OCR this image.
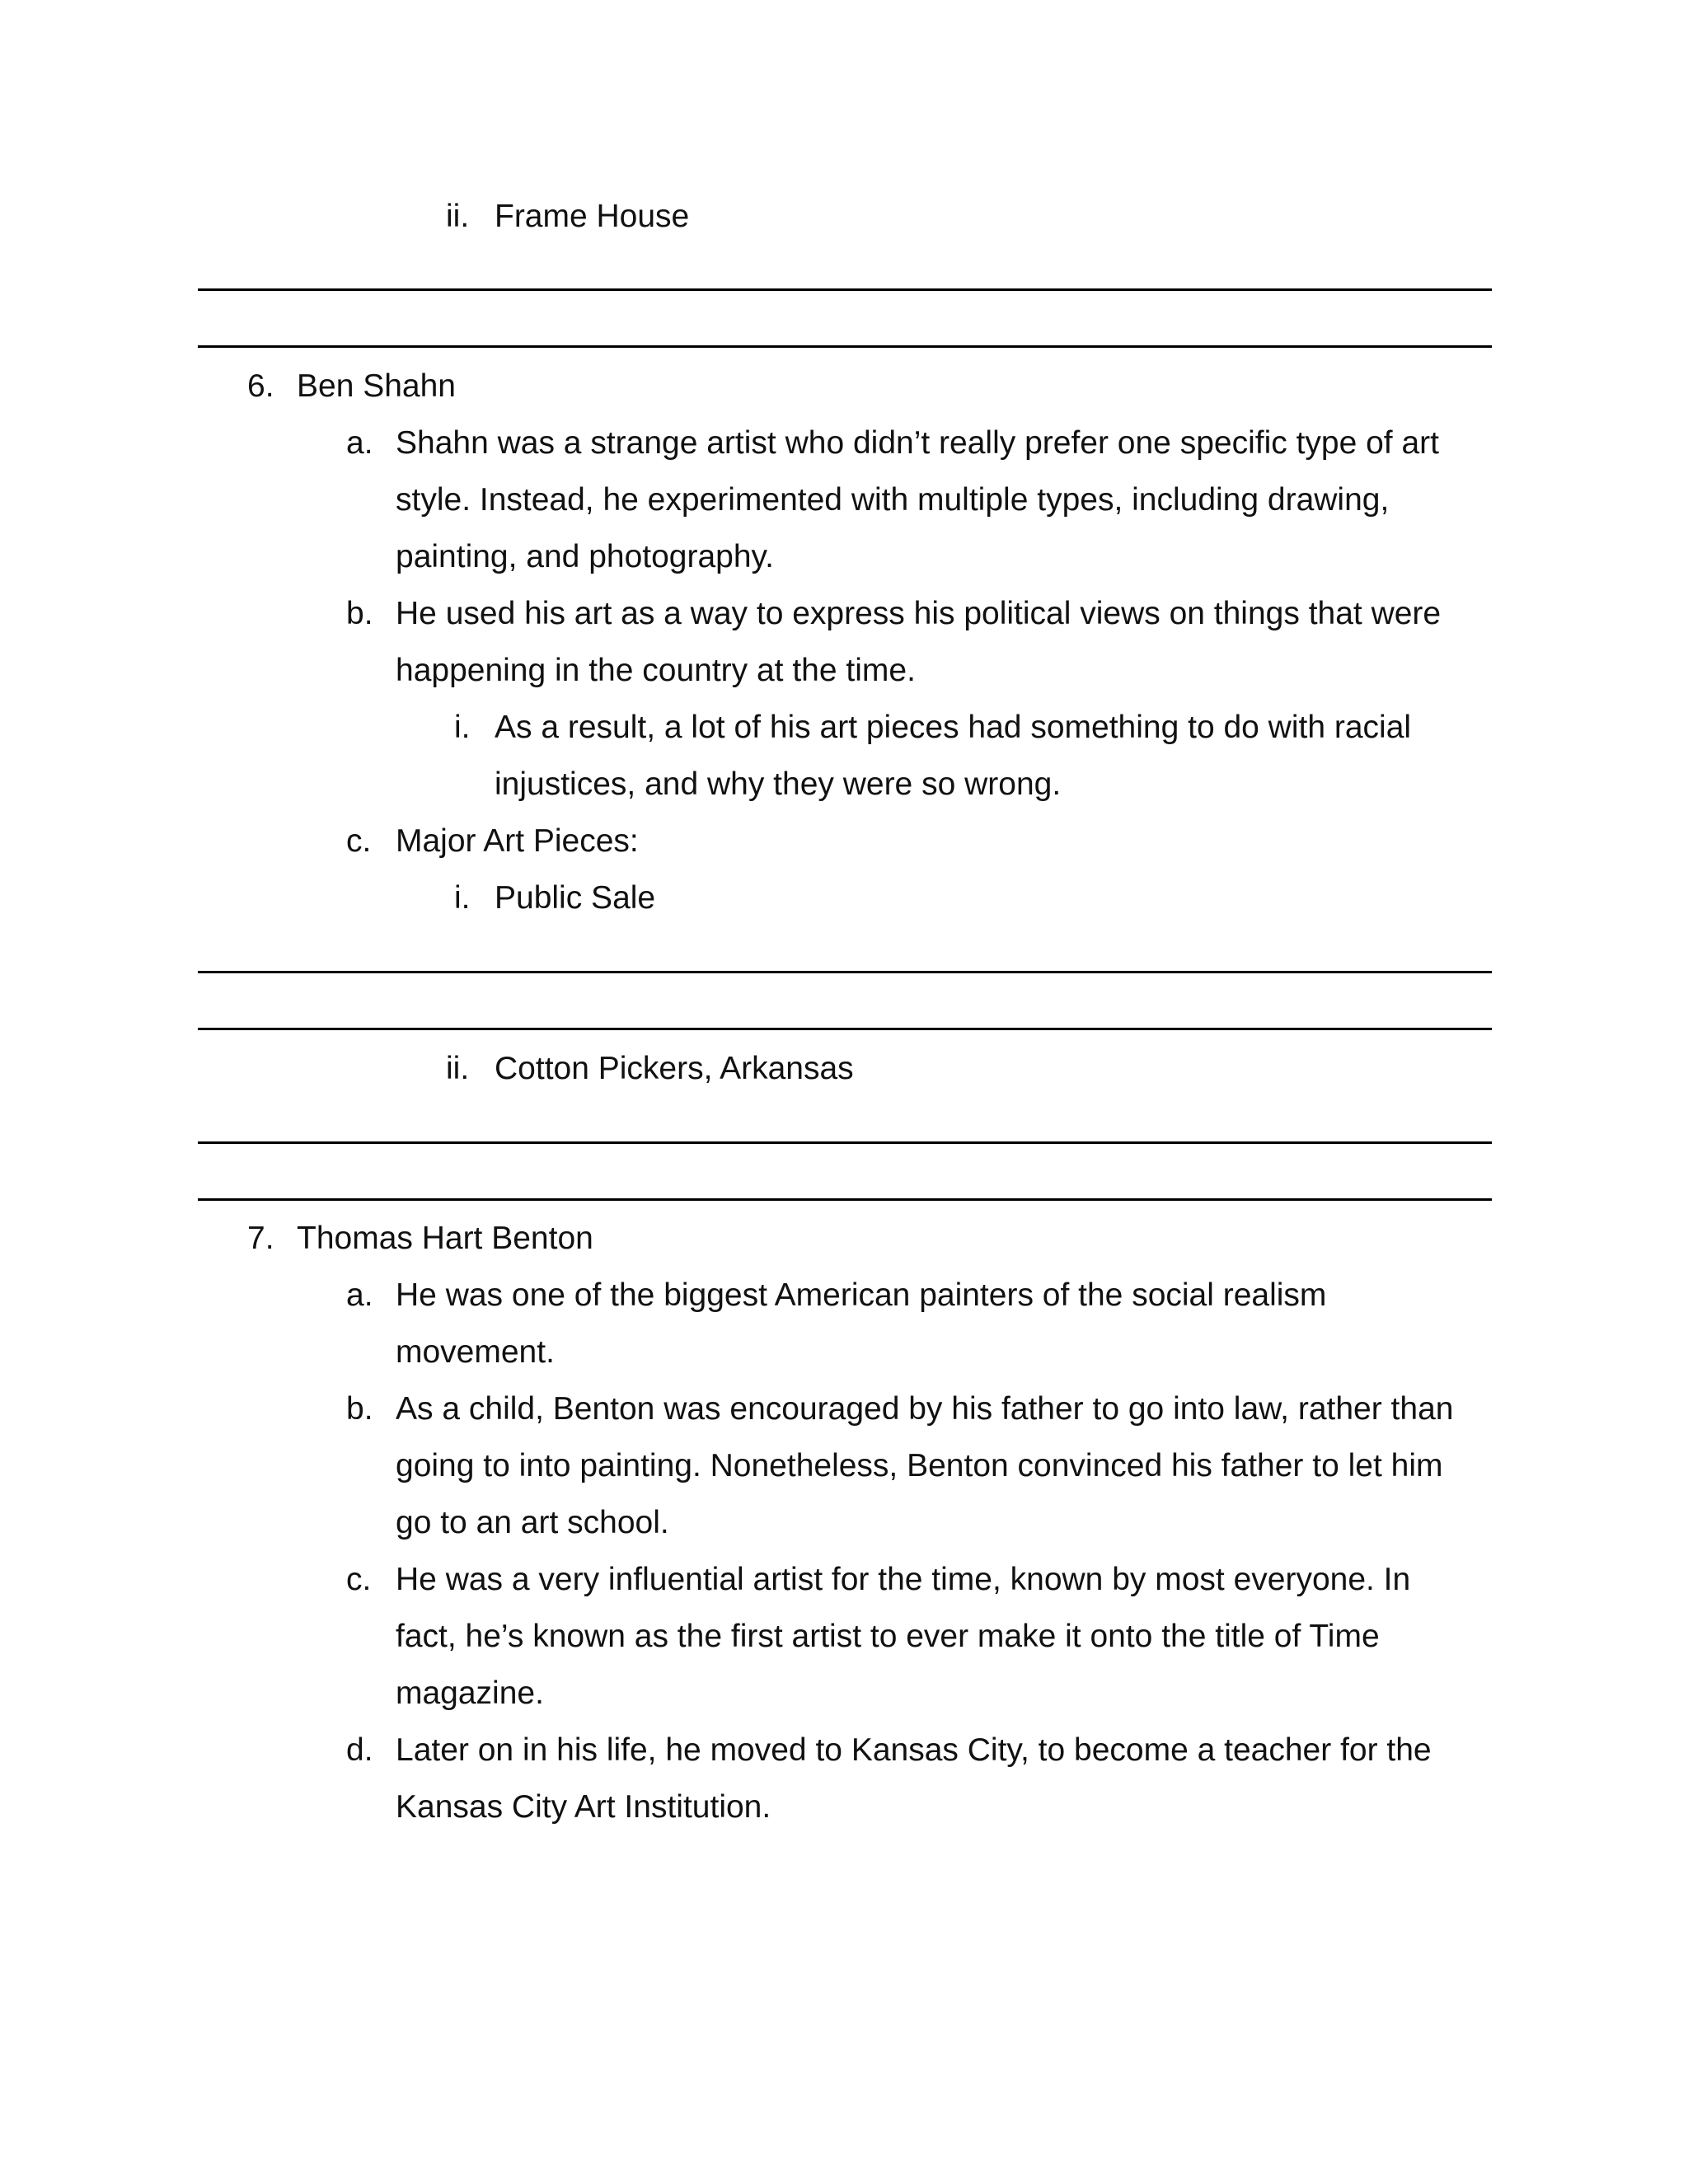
ii. Frame House
6. Ben Shahn
a. Shahn was a strange artist who didn’t really prefer one specific type of art
style. Instead, he experimented with multiple types, including drawing,
painting, and photography.
b. He used his art as a way to express his political views on things that were
happening in the country at the time.
i. As a result, a lot of his art pieces had something to do with racial
injustices, and why they were so wrong.
c. Major Art Pieces:
i. Public Sale
ii. Cotton Pickers, Arkansas
7. Thomas Hart Benton
a. He was one of the biggest American painters of the social realism
movement.
b. As a child, Benton was encouraged by his father to go into law, rather than
going to into painting. Nonetheless, Benton convinced his father to let him
go to an art school.
c. He was a very influential artist for the time, known by most everyone. In
fact, he’s known as the first artist to ever make it onto the title of Time
magazine.
d. Later on in his life, he moved to Kansas City, to become a teacher for the
Kansas City Art Institution.
